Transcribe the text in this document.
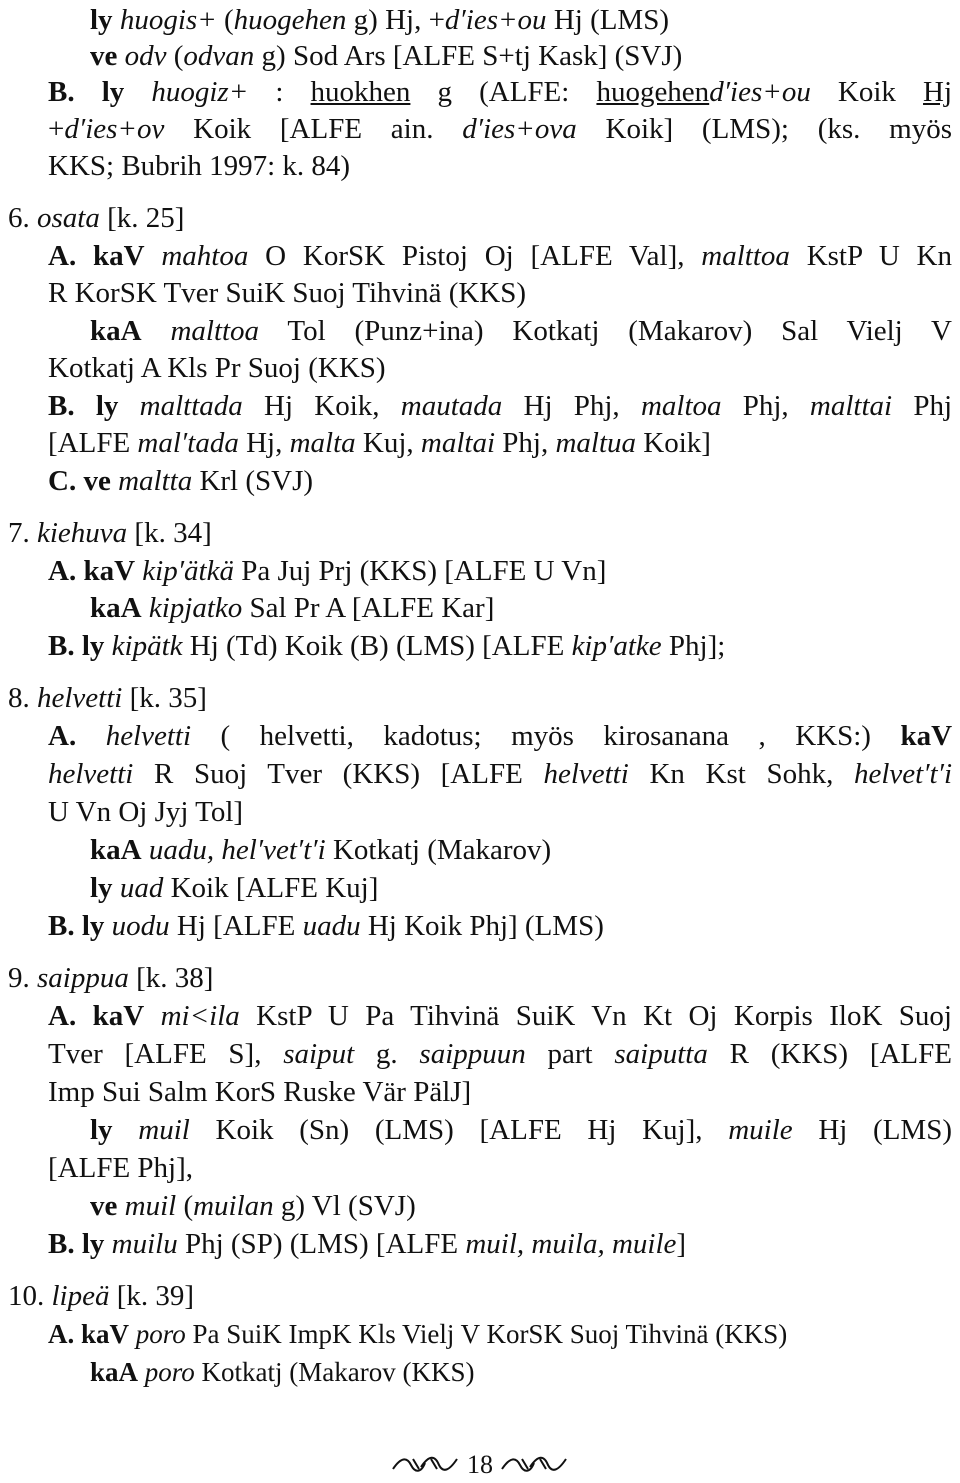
ly huogis+ (huogehen g) Hj, +d′ies+ou Hj (LMS)
ve odv (odvan g) Sod Ars [ALFE S+tj Kask] (SVJ)
B. ly huogiz+ : huokhen g (ALFE: huogehend′ies+ou Koik Hj
+d′ies+ov Koik [ALFE ain. d′ies+ova Koik] (LMS); (ks. myös
KKS; Bubrih 1997: k. 84)
6. osata [k. 25]
A. kaV mahtoa O KorSK Pistoj Oj [ALFE Val], malttoa KstP U Kn
R KorSK Tver SuiK Suoj Tihvinä (KKS)
kaA malttoa Tol (Punz+ina) Kotkatj (Makarov) Sal Vielj V
Kotkatj A Kls Pr Suoj (KKS)
B. ly malttada Hj Koik, mautada Hj Phj, maltoa Phj, malttai Phj
[ALFE mal′tada Hj, malta Kuj, maltai Phj, maltua Koik]
C. ve maltta Krl (SVJ)
7. kiehuva [k. 34]
A. kaV kip′ätkä Pa Juj Prj (KKS) [ALFE U Vn]
kaA kipjatko Sal Pr A [ALFE Kar]
B. ly kipätk Hj (Td) Koik (B) (LMS) [ALFE kip′atke Phj];
8. helvetti [k. 35]
A. helvetti ( helvetti, kadotus; myös kirosanana , KKS:) kaV
helvetti R Suoj Tver (KKS) [ALFE helvetti Kn Kst Sohk, helvet′t′i
U Vn Oj Jyj Tol]
kaA uadu, hel′vet′t′i Kotkatj (Makarov)
ly uad Koik [ALFE Kuj]
B. ly uodu Hj [ALFE uadu Hj Koik Phj] (LMS)
9. saippua [k. 38]
A. kaV mi<ila KstP U Pa Tihvinä SuiK Vn Kt Oj Korpis IloK Suoj
Tver [ALFE S], saiput g. saippuun part saiputta R (KKS) [ALFE
Imp Sui Salm KorS Ruske Vär PälJ]
ly muil Koik (Sn) (LMS) [ALFE Hj Kuj], muile Hj (LMS)
[ALFE Phj],
ve muil (muilan g) Vl (SVJ)
B. ly muilu Phj (SP) (LMS) [ALFE muil, muila, muile]
10. lipeä [k. 39]
A. kaV poro Pa SuiK ImpK Kls Vielj V KorSK Suoj Tihvinä (KKS)
kaA poro Kotkatj (Makarov (KKS)
18
